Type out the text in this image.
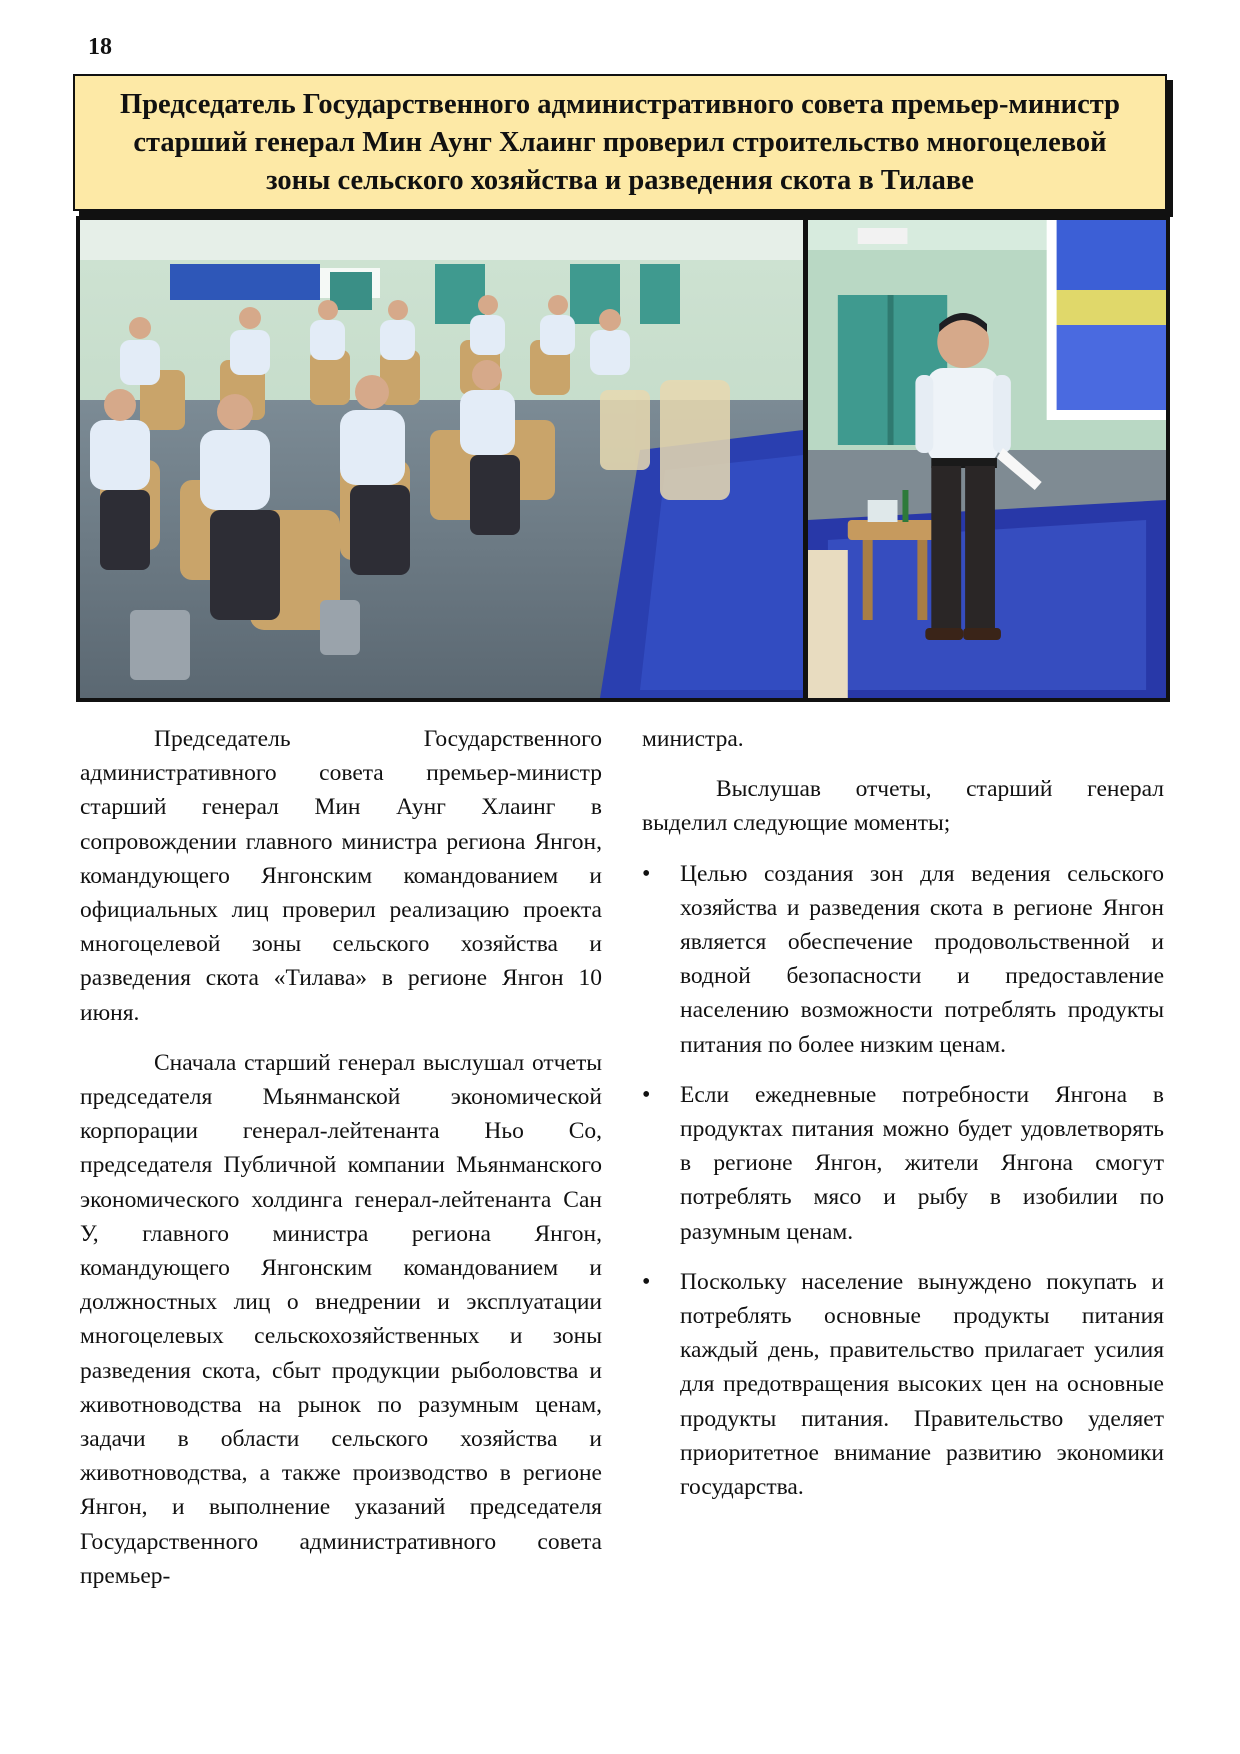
18
Председатель Государственного административного совета премьер-министр старший генерал Мин Аунг Хлаинг проверил строительство многоцелевой зоны сельского хозяйства и разведения скота в Тилаве

Председатель Государственного административного совета премьер-министр старший генерал Мин Аунг Хлаинг в сопровождении главного министра региона Янгон, командующего Янгонским командованием и официальных лиц проверил реализацию проекта многоцелевой зоны сельского хозяйства и разведения скота «Тилава» в регионе Янгон 10 июня.

Сначала старший генерал выслушал отчеты председателя Мьянманской экономической корпорации генерал-лейтенанта Ньо Со, председателя Публичной компании Мьянманского экономического холдинга генерал-лейтенанта Сан У, главного министра региона Янгон, командующего Янгонским командованием и должностных лиц о внедрении и эксплуатации многоцелевых сельскохозяйственных и зоны разведения скота, сбыт продукции рыболовства и животноводства на рынок по разумным ценам, задачи в области сельского хозяйства и животноводства, а также производство в регионе Янгон, и выполнение указаний председателя Государственного административного совета премьер-

министра.

Выслушав отчеты, старший генерал выделил следующие моменты;

• Целью создания зон для ведения сельского хозяйства и разведения скота в регионе Янгон является обеспечение продовольственной и водной безопасности и предоставление населению возможности потреблять продукты питания по более низким ценам.
• Если ежедневные потребности Янгона в продуктах питания можно будет удовлетворять в регионе Янгон, жители Янгона смогут потреблять мясо и рыбу в изобилии по разумным ценам.
• Поскольку население вынуждено покупать и потреблять основные продукты питания каждый день, правительство прилагает усилия для предотвращения высоких цен на основные продукты питания. Правительство уделяет приоритетное внимание развитию экономики государства.
